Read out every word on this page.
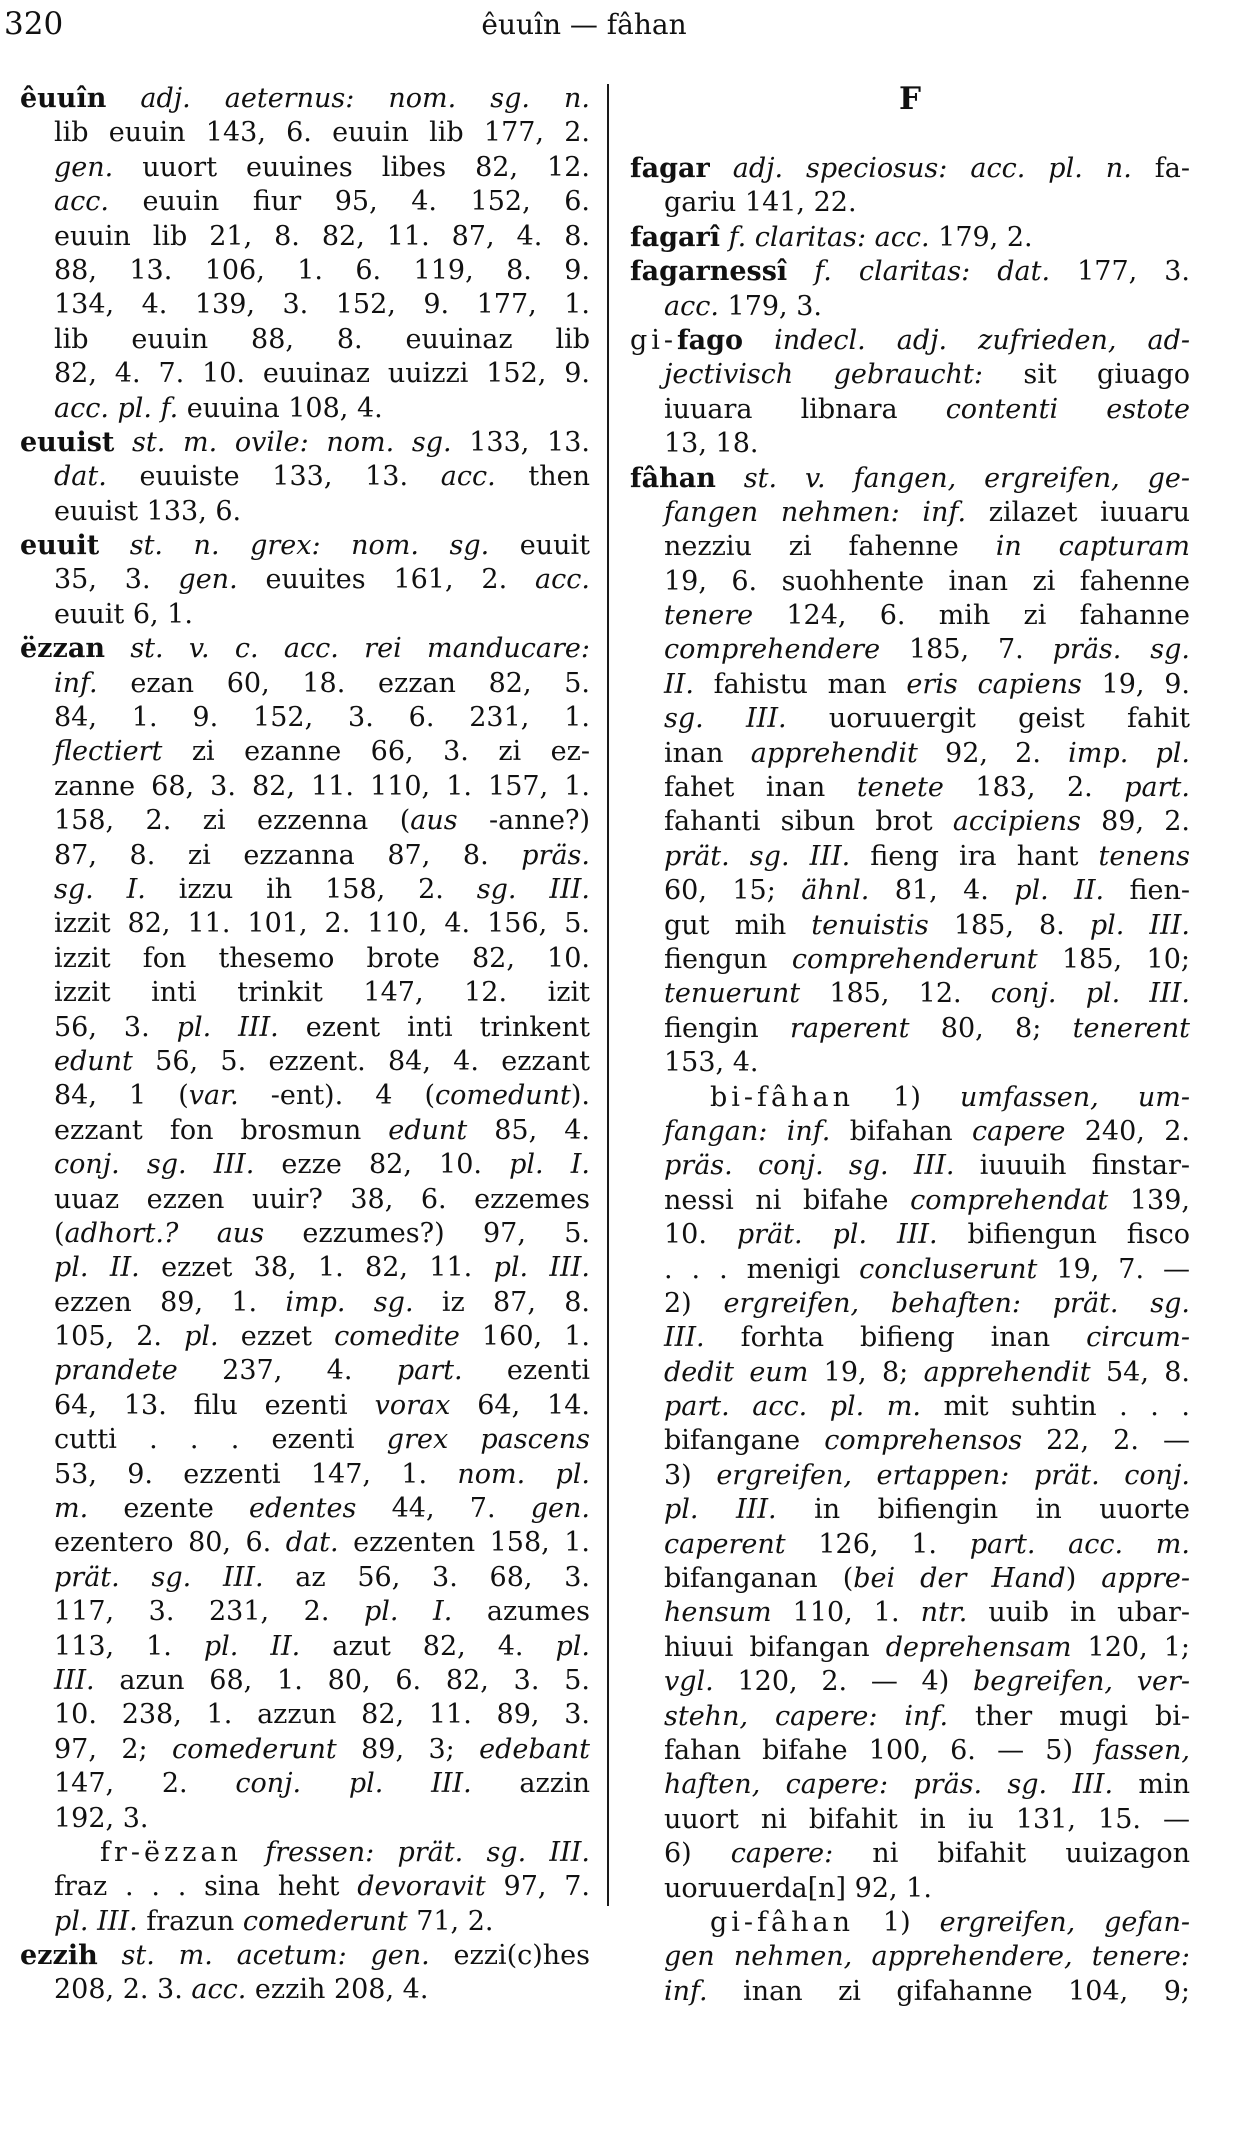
320	êuuîn — fâhan
êuuîn adj. aeternus: nom. sg. n.
lib euuin 143, 6. euuin lib 177, 2.
gen. uuort euuines libes 82, 12.
acc. euuin fiur 95, 4. 152, 6.
euuin lib 21, 8. 82, 11. 87, 4. 8.
88, 13. 106, 1. 6. 119, 8. 9.
134, 4. 139, 3. 152, 9. 177, 1.
lib euuin 88, 8. euuinaz lib
82, 4. 7. 10. euuinaz uuizzi 152, 9.
acc. pl. f. euuina 108, 4.
euuist st. m. ovile: nom. sg. 133, 13.
dat. euuiste 133, 13. acc. then
euuist 133, 6.
euuit st. n. grex: nom. sg. euuit
35, 3. gen. euuites 161, 2. acc.
euuit 6, 1.
ëzzan st. v. c. acc. rei manducare:
inf. ezan 60, 18. ezzan 82, 5.
84, 1. 9. 152, 3. 6. 231, 1.
flectiert zi ezanne 66, 3. zi ez-
zanne 68, 3. 82, 11. 110, 1. 157, 1.
158, 2. zi ezzenna (aus -anne?)
87, 8. zi ezzanna 87, 8. präs.
sg. I. izzu ih 158, 2. sg. III.
izzit 82, 11. 101, 2. 110, 4. 156, 5.
izzit fon thesemo brote 82, 10.
izzit inti trinkit 147, 12. izit
56, 3. pl. III. ezent inti trinkent
edunt 56, 5. ezzent. 84, 4. ezzant
84, 1 (var. -ent). 4 (comedunt).
ezzant fon brosmun edunt 85, 4.
conj. sg. III. ezze 82, 10. pl. I.
uuaz ezzen uuir? 38, 6. ezzemes
(adhort.? aus ezzumes?) 97, 5.
pl. II. ezzet 38, 1. 82, 11. pl. III.
ezzen 89, 1. imp. sg. iz 87, 8.
105, 2. pl. ezzet comedite 160, 1.
prandete 237, 4. part. ezenti
64, 13. filu ezenti vorax 64, 14.
cutti . . . ezenti grex pascens
53, 9. ezzenti 147, 1. nom. pl.
m. ezente edentes 44, 7. gen.
ezentero 80, 6. dat. ezzenten 158, 1.
prät. sg. III. az 56, 3. 68, 3.
117, 3. 231, 2. pl. I. azumes
113, 1. pl. II. azut 82, 4. pl.
III. azun 68, 1. 80, 6. 82, 3. 5.
10. 238, 1. azzun 82, 11. 89, 3.
97, 2; comederunt 89, 3; edebant
147, 2. conj. pl. III. azzin
192, 3.
fr-ëzzan fressen: prät. sg. III.
fraz . . . sina heht devoravit 97, 7.
pl. III. frazun comederunt 71, 2.
ezzih st. m. acetum: gen. ezzi(c)hes
208, 2. 3. acc. ezzih 208, 4.
F
fagar adj. speciosus: acc. pl. n. fa-
gariu 141, 22.
fagarî f. claritas: acc. 179, 2.
fagarnessî f. claritas: dat. 177, 3.
acc. 179, 3.
gi-fago indecl. adj. zufrieden, ad-
jectivisch gebraucht: sit giuago
iuuara libnara contenti estote
13, 18.
fâhan st. v. fangen, ergreifen, ge-
fangen nehmen: inf. zilazet iuuaru
nezziu zi fahenne in capturam
19, 6. suohhente inan zi fahenne
tenere 124, 6. mih zi fahanne
comprehendere 185, 7. präs. sg.
II. fahistu man eris capiens 19, 9.
sg. III. uoruuergit geist fahit
inan apprehendit 92, 2. imp. pl.
fahet inan tenete 183, 2. part.
fahanti sibun brot accipiens 89, 2.
prät. sg. III. fieng ira hant tenens
60, 15; ähnl. 81, 4. pl. II. fien-
gut mih tenuistis 185, 8. pl. III.
fiengun comprehenderunt 185, 10;
tenuerunt 185, 12. conj. pl. III.
fiengin raperent 80, 8; tenerent
153, 4.
bi-fâhan 1) umfassen, um-
fangan: inf. bifahan capere 240, 2.
präs. conj. sg. III. iuuuih finstar-
nessi ni bifahe comprehendat 139,
10. prät. pl. III. bifiengun fisco
. . . menigi concluserunt 19, 7. —
2) ergreifen, behaften: prät. sg.
III. forhta bifieng inan circum-
dedit eum 19, 8; apprehendit 54, 8.
part. acc. pl. m. mit suhtin . . .
bifangane comprehensos 22, 2. —
3) ergreifen, ertappen: prät. conj.
pl. III. in bifiengin in uuorte
caperent 126, 1. part. acc. m.
bifanganan (bei der Hand) appre-
hensum 110, 1. ntr. uuib in ubar-
hiuui bifangan deprehensam 120, 1;
vgl. 120, 2. — 4) begreifen, ver-
stehn, capere: inf. ther mugi bi-
fahan bifahe 100, 6. — 5) fassen,
haften, capere: präs. sg. III. min
uuort ni bifahit in iu 131, 15. —
6) capere: ni bifahit uuizagon
uoruuerda[n] 92, 1.
gi-fâhan 1) ergreifen, gefan-
gen nehmen, apprehendere, tenere:
inf. inan zi gifahanne 104, 9;
